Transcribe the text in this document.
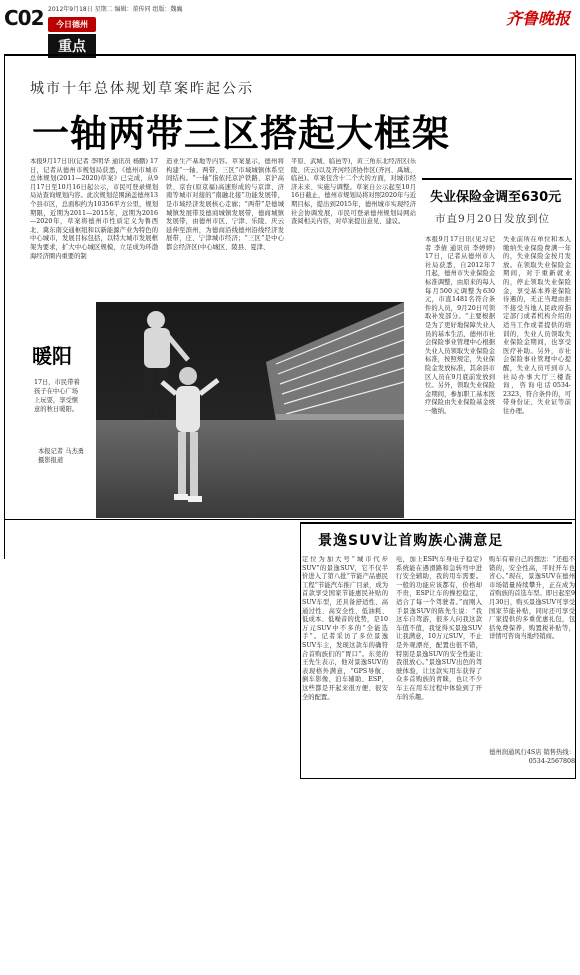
C02 2012年9月18日 星期二 编辑：董传同 组版：魏巍
今日德州	齐鲁晚报
重点
城市十年总体规划草案昨起公示
一轴两带三区搭起大框架
本报9月17日讯(记者 李明华 通讯员 杨鹏) 17日，记者从德州市规划局获悉，《德州市城市总体规划(2011—2020)草案》已完成，从9月17日至10月16日起公示，市民可登录规划局站查询规划内容。此次规划范围涵盖德州13个县市区，总面积约为10356平方公里，规划期限，近期为2011—2015年，远期为2016—2020年，草案将德州市性质定义为鲁西北、冀东南交通枢纽和以新能源产业为特色的中心城市，发展目标包括，以特大城市发展框架为要求，扩大中心城区规模，立足成为环渤海经济圈内重要的制
造业生产基地等内容。草案显示，德州将构建“一轴、两带、三区”市域城镇体系空间结构。“一轴”指依托京沪铁路、京沪高铁、京台(原京福)高速形成的与京津、济南等城市对接的“南融北接”功能发展带，是市域经济发展核心走廊；“两带”是德城城镇发展带及德商城镇发展带，德商城镇发展带，由德州市区、宁津、乐陵、庆云延伸至滨州，为德商沿线德州沿线经济发展带，庄、宁津城市经济；“三区”是中心都会经济区(中心城区、陵县、夏津、
平原、武城、临邑等)，黄三角东北经济区(乐陵、庆云)以及齐河经济协作区(齐河、禹城、临邑)。草案包含十二个大的方面，对城市经济未来、实施与调整。草案自公示起至10月16日截止，德州市规划局将对照2020年与近期目标，提出到2015年，德州城市实现经济社会协调发展，市民可登录德州规划局网站查阅相关内容，对草案提出意见、建议。
暖阳
17日，市民带着孩子在中心广场上玩耍，享受惬意的秋日暖阳。
本报记者 马杰勇 摄影报道
失业保险金调至630元
市直9月20日发放到位
本报9月17日讯(见习记者 李倩 通讯员 李婷婷) 17日，记者从德州市人社局获悉，自2012年7月起，德州市失业保险金标准调整，由原来的每人每月500元调整为630元，市直1481名符合条件的人员，9月20日可领取补发部分。“主要根据是为了更好地保障失业人员的基本生活，德州市社会保险事业管理中心根据失业人员领取失业保险金标准，按照规定，失业保险金发放标准，其余县市区人员在9月底前发放到位。另外，领取失业保险金期间，参加职工基本医疗保险由失业保险基金统一缴纳。
失业前所在单位和本人缴纳失业保险费满一年的，失业保险金按月发放。在领取失业保险金期间，对于重新就业的，停止领取失业保险金，享受基本养老保险待遇的，无正当理由拒不接受当地人民政府指定部门或者机构介绍的适当工作或者提供的培训的，失业人员领取失业保险金期间，也享受医疗补助。另外，市社会保险事业管理中心提醒，失业人员可到市人社局办事大厅三楼查询，咨询电话0534-2323，符合条件的，可带身份证、失业证等前往办理。
景逸SUV让首购族心满意足
定位为加大号“城市代步SUV”的景逸SUV，它不仅半价进入了第八批“节能产品惠民工程”节能汽车推广目录，成为首款享受国家节能惠民补贴的SUV车型，还具备舒适性、高通过性、高安全性、低油耗、低成本、低噪音的优势，是10万元SUV中不多的“全能选手”。记者采访了多位景逸SUV车主，发现这款车的确符合首购族们的“胃口”。东莞的王先生表示，他对景逸SUV的表现格外满意，“GPS导航、倒车影像、泊车辅助、ESP，这些都是开起来很方便、很安全的配置。
电，加上ESP(车身电子稳定)系统能在遇滑路和急转弯中进行安全辅助，我的用车需要。一般的功能应该都有，价格却不贵，ESP让车的操控稳定，适合了每一个驾驶者。”而刚入手景逸SUV的陈先生说：“我这车自驾游，很多人问我这款车值不值，我觉得买景逸SUV让我满意，10万元SUV，不止是外观漂亮，配置也很不错，特别是景逸SUV的安全性能让我很放心。”景逸SUV出色的驾驶体验，让这款实用车获得了众多首购族的青睐，也让不少车主在用车过程中体验到了开车的乐趣。
购车有着自己的想法：“还挺不错的，安全性高，平时开车也省心。”现在，景逸SUV在德州市场销量持续攀升，正在成为首购族的首选车型。即日起至9月30日，购买景逸SUV可享受国家节能补贴，同时还可享受厂家提供的多重优惠礼包，包括免费保养、购置税补贴等，详情可咨询当地经销商。
德州润通风行4S店 销售热线：0534-2567808
